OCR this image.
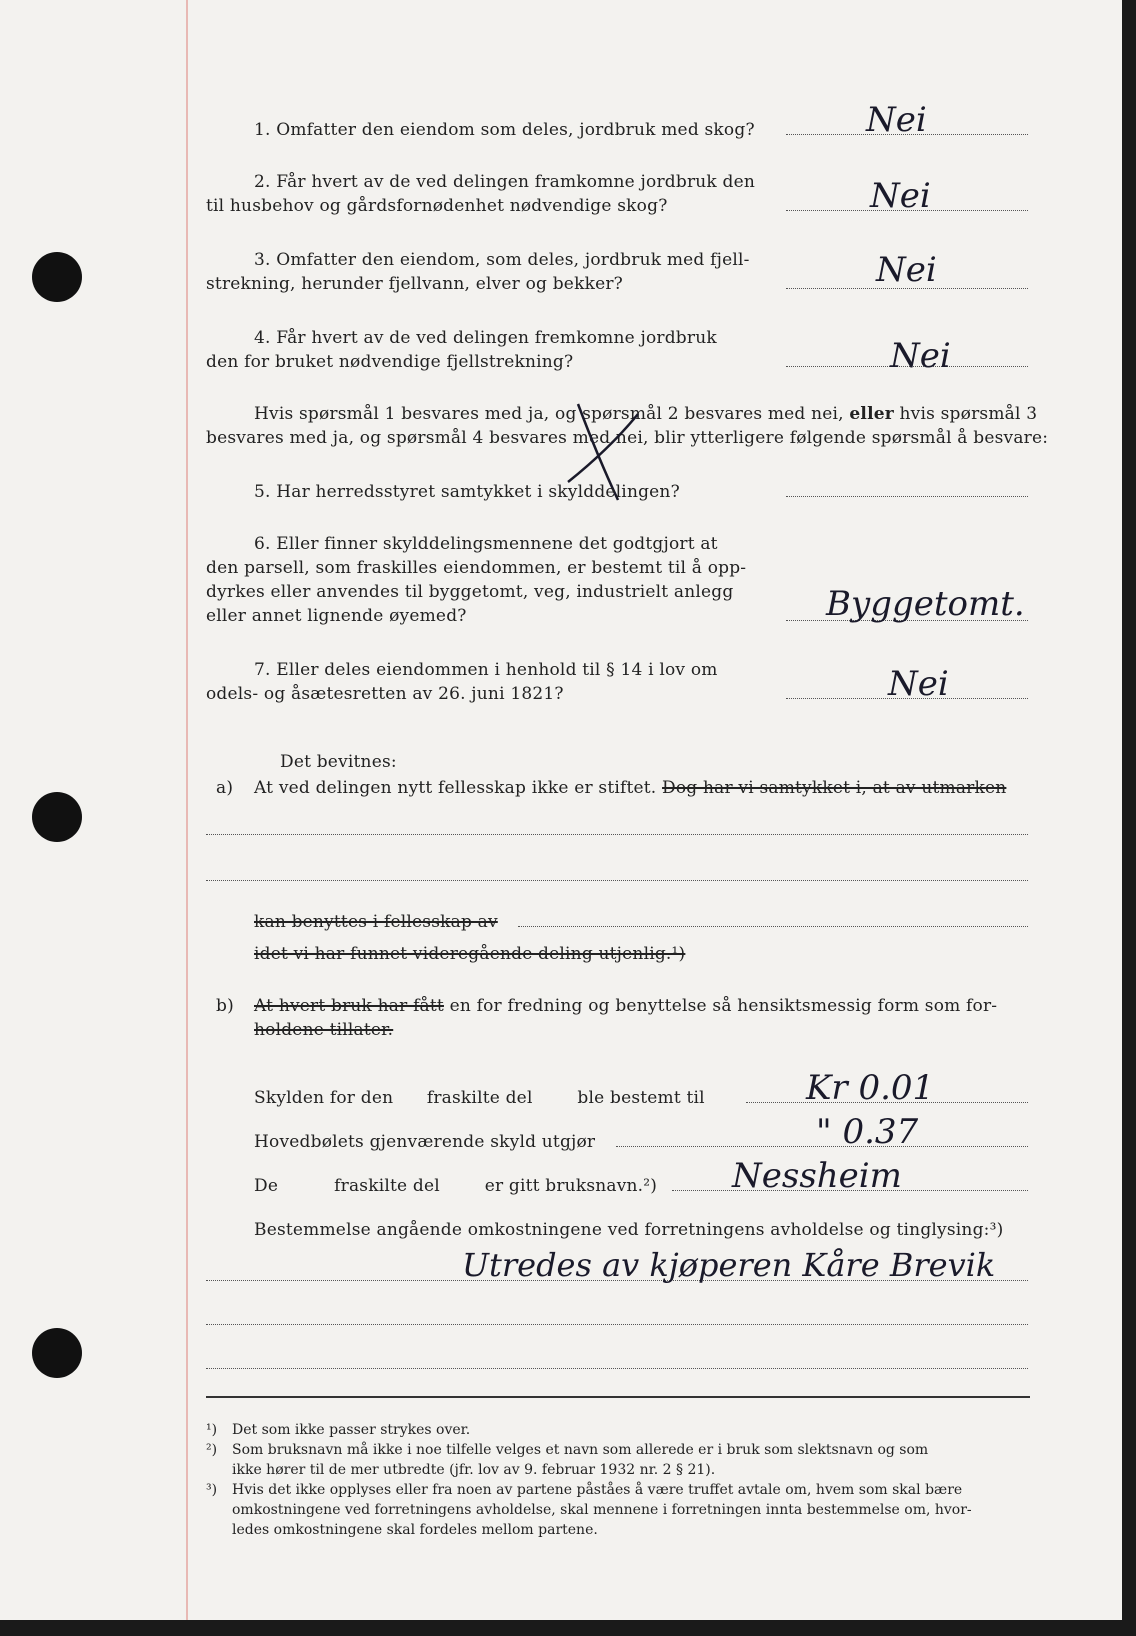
1. Omfatter den eiendom som deles, jordbruk med skog?	Nei
2. Får hvert av de ved delingen framkomne jordbruk den
til husbehov og gårdsfornødenhet nødvendige skog?	Nei
3. Omfatter den eiendom, som deles, jordbruk med fjell-
strekning, herunder fjellvann, elver og bekker?	Nei
4. Får hvert av de ved delingen fremkomne jordbruk
den for bruket nødvendige fjellstrekning?	Nei
Hvis spørsmål 1 besvares med ja, og spørsmål 2 besvares med nei, eller hvis spørsmål 3
besvares med ja, og spørsmål 4 besvares med nei, blir ytterligere følgende spørsmål å besvare:
5. Har herredsstyret samtykket i skylddelingen?
6. Eller finner skylddelingsmennene det godtgjort at
den parsell, som fraskilles eiendommen, er bestemt til å opp-
dyrkes eller anvendes til byggetomt, veg, industrielt anlegg
eller annet lignende øyemed?	Byggetomt.
7. Eller deles eiendommen i henhold til § 14 i lov om
odels- og åsætesretten av 26. juni 1821?	Nei
Det bevitnes:
a) At ved delingen nytt fellesskap ikke er stiftet. Dog har vi samtykket i, at av utmarken
kan benyttes i fellesskap av
idet vi har funnet videregående deling utjenlig.¹)
b) At hvert bruk har fått en for fredning og benyttelse så hensiktsmessig form som for-
holdene tillater.
Skylden for den      fraskilte del        ble bestemt til	Kr 0.01
Hovedbølets gjenværende skyld utgjør	" 0.37
De          fraskilte del        er gitt bruksnavn.²) Nessheim
Bestemmelse angående omkostningene ved forretningens avholdelse og tinglysing:³)
Utredes av kjøperen Kåre Brevik
¹) Det som ikke passer strykes over.
²) Som bruksnavn må ikke i noe tilfelle velges et navn som allerede er i bruk som slektsnavn og som
ikke hører til de mer utbredte (jfr. lov av 9. februar 1932 nr. 2 § 21).
³) Hvis det ikke opplyses eller fra noen av partene påståes å være truffet avtale om, hvem som skal bære
omkostningene ved forretningens avholdelse, skal mennene i forretningen innta bestemmelse om, hvor-
ledes omkostningene skal fordeles mellom partene.
